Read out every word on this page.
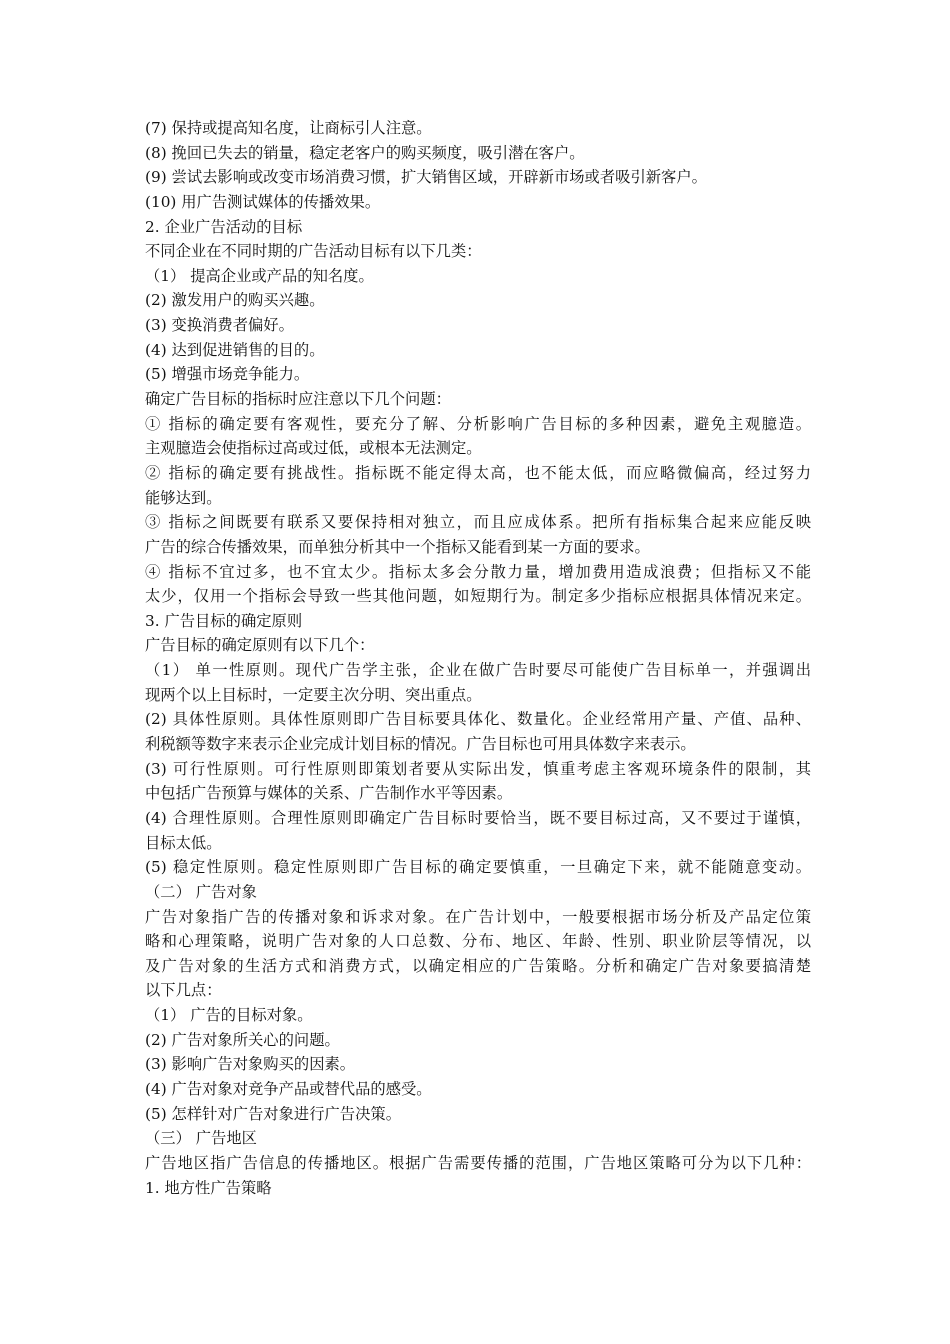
(7) 保持或提高知名度，让商标引人注意。
(8) 挽回已失去的销量，稳定老客户的购买频度，吸引潜在客户。
(9) 尝试去影响或改变市场消费习惯，扩大销售区域，开辟新市场或者吸引新客户。
(10) 用广告测试媒体的传播效果。
2. 企业广告活动的目标
不同企业在不同时期的广告活动目标有以下几类：
（1） 提高企业或产品的知名度。
(2) 激发用户的购买兴趣。
(3) 变换消费者偏好。
(4) 达到促进销售的目的。
(5) 增强市场竞争能力。
确定广告目标的指标时应注意以下几个问题：
① 指标的确定要有客观性，要充分了解、分析影响广告目标的多种因素，避免主观臆造。
主观臆造会使指标过高或过低，或根本无法测定。
② 指标的确定要有挑战性。指标既不能定得太高，也不能太低，而应略微偏高，经过努力
能够达到。
③ 指标之间既要有联系又要保持相对独立，而且应成体系。把所有指标集合起来应能反映
广告的综合传播效果，而单独分析其中一个指标又能看到某一方面的要求。
④ 指标不宜过多，也不宜太少。指标太多会分散力量，增加费用造成浪费；但指标又不能
太少，仅用一个指标会导致一些其他问题，如短期行为。制定多少指标应根据具体情况来定。
3. 广告目标的确定原则
广告目标的确定原则有以下几个：
（1） 单一性原则。现代广告学主张，企业在做广告时要尽可能使广告目标单一，并强调出
现两个以上目标时，一定要主次分明、突出重点。
(2) 具体性原则。具体性原则即广告目标要具体化、数量化。企业经常用产量、产值、品种、
利税额等数字来表示企业完成计划目标的情况。广告目标也可用具体数字来表示。
(3) 可行性原则。可行性原则即策划者要从实际出发，慎重考虑主客观环境条件的限制，其
中包括广告预算与媒体的关系、广告制作水平等因素。
(4) 合理性原则。合理性原则即确定广告目标时要恰当，既不要目标过高，又不要过于谨慎，
目标太低。
(5) 稳定性原则。稳定性原则即广告目标的确定要慎重，一旦确定下来，就不能随意变动。
（二） 广告对象
广告对象指广告的传播对象和诉求对象。在广告计划中，一般要根据市场分析及产品定位策
略和心理策略，说明广告对象的人口总数、分布、地区、年龄、性别、职业阶层等情况，以
及广告对象的生活方式和消费方式，以确定相应的广告策略。分析和确定广告对象要搞清楚
以下几点：
（1） 广告的目标对象。
(2) 广告对象所关心的问题。
(3) 影响广告对象购买的因素。
(4) 广告对象对竞争产品或替代品的感受。
(5) 怎样针对广告对象进行广告决策。
（三） 广告地区
广告地区指广告信息的传播地区。根据广告需要传播的范围，广告地区策略可分为以下几种：
1. 地方性广告策略
